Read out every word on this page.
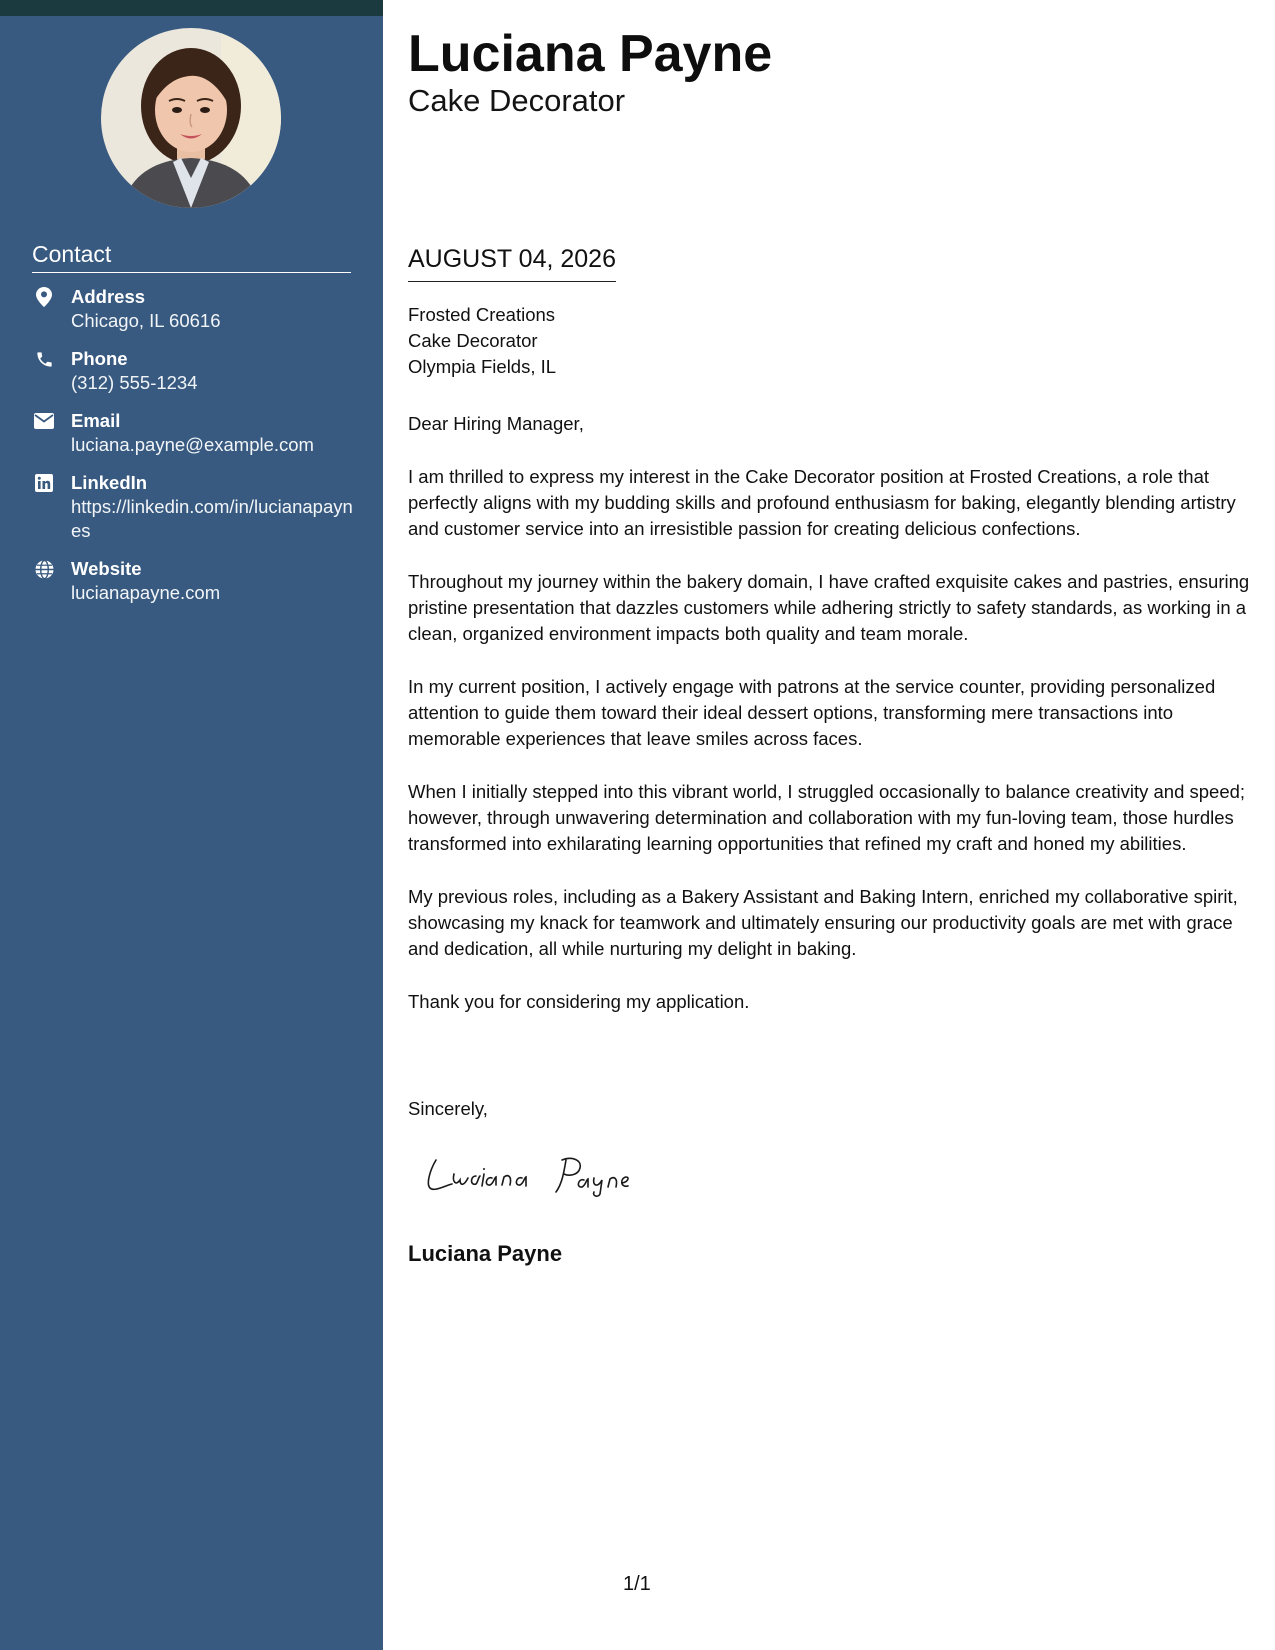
Contact
Address
Chicago, IL 60616
Phone
(312) 555-1234
Email
luciana.payne@example.com
LinkedIn
https://linkedin.com/in/lucianapaynes
Website
lucianapayne.com
Luciana Payne
Cake Decorator
AUGUST 04, 2026
Frosted Creations
Cake Decorator
Olympia Fields, IL

Dear Hiring Manager,

I am thrilled to express my interest in the Cake Decorator position at Frosted Creations, a role that perfectly aligns with my budding skills and profound enthusiasm for baking, elegantly blending artistry and customer service into an irresistible passion for creating delicious confections.

Throughout my journey within the bakery domain, I have crafted exquisite cakes and pastries, ensuring pristine presentation that dazzles customers while adhering strictly to safety standards, as working in a clean, organized environment impacts both quality and team morale.

In my current position, I actively engage with patrons at the service counter, providing personalized attention to guide them toward their ideal dessert options, transforming mere transactions into memorable experiences that leave smiles across faces.

When I initially stepped into this vibrant world, I struggled occasionally to balance creativity and speed; however, through unwavering determination and collaboration with my fun-loving team, those hurdles transformed into exhilarating learning opportunities that refined my craft and honed my abilities.

My previous roles, including as a Bakery Assistant and Baking Intern, enriched my collaborative spirit, showcasing my knack for teamwork and ultimately ensuring our productivity goals are met with grace and dedication, all while nurturing my delight in baking.

Thank you for considering my application.

Sincerely,
Luciana Payne
1/1
